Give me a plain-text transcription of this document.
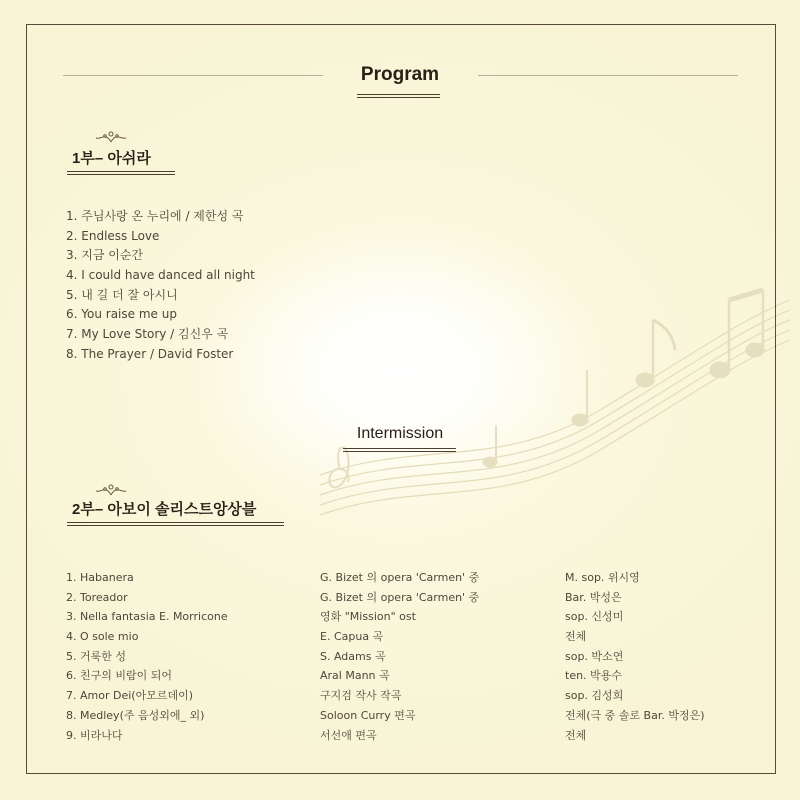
Program
1부– 아쉬라
1. 주님사랑 온 누리에 / 제한성 곡
2. Endless Love
3. 지금 이순간
4. I could have danced all night
5. 내 길 더 잘 아시니
6. You raise me up
7. My Love Story / 김신우 곡
8. The Prayer / David Foster
Intermission
2부– 아보이 솔리스트앙상블
1. Habanera	G. Bizet 의 opera 'Carmen' 중	M. sop. 위시영
2. Toreador	G. Bizet 의 opera 'Carmen' 중	Bar. 박성은
3. Nella fantasia E. Morricone	영화 "Mission" ost	sop. 신성미
4. O sole mio	E. Capua 곡	전체
5. 거룩한 성	S. Adams 곡	sop. 박소연
6. 친구의 비람이 되어	Aral Mann 곡	ten. 박용수
7. Amor Dei(아모르데이)	구지검 작사 작곡	sop. 김성희
8. Medley(주 음성외에_ 외)	Soloon Curry 편곡	전체(극 중 솔로 Bar. 박정은)
9. 비라나다	서선애 편곡	전체
